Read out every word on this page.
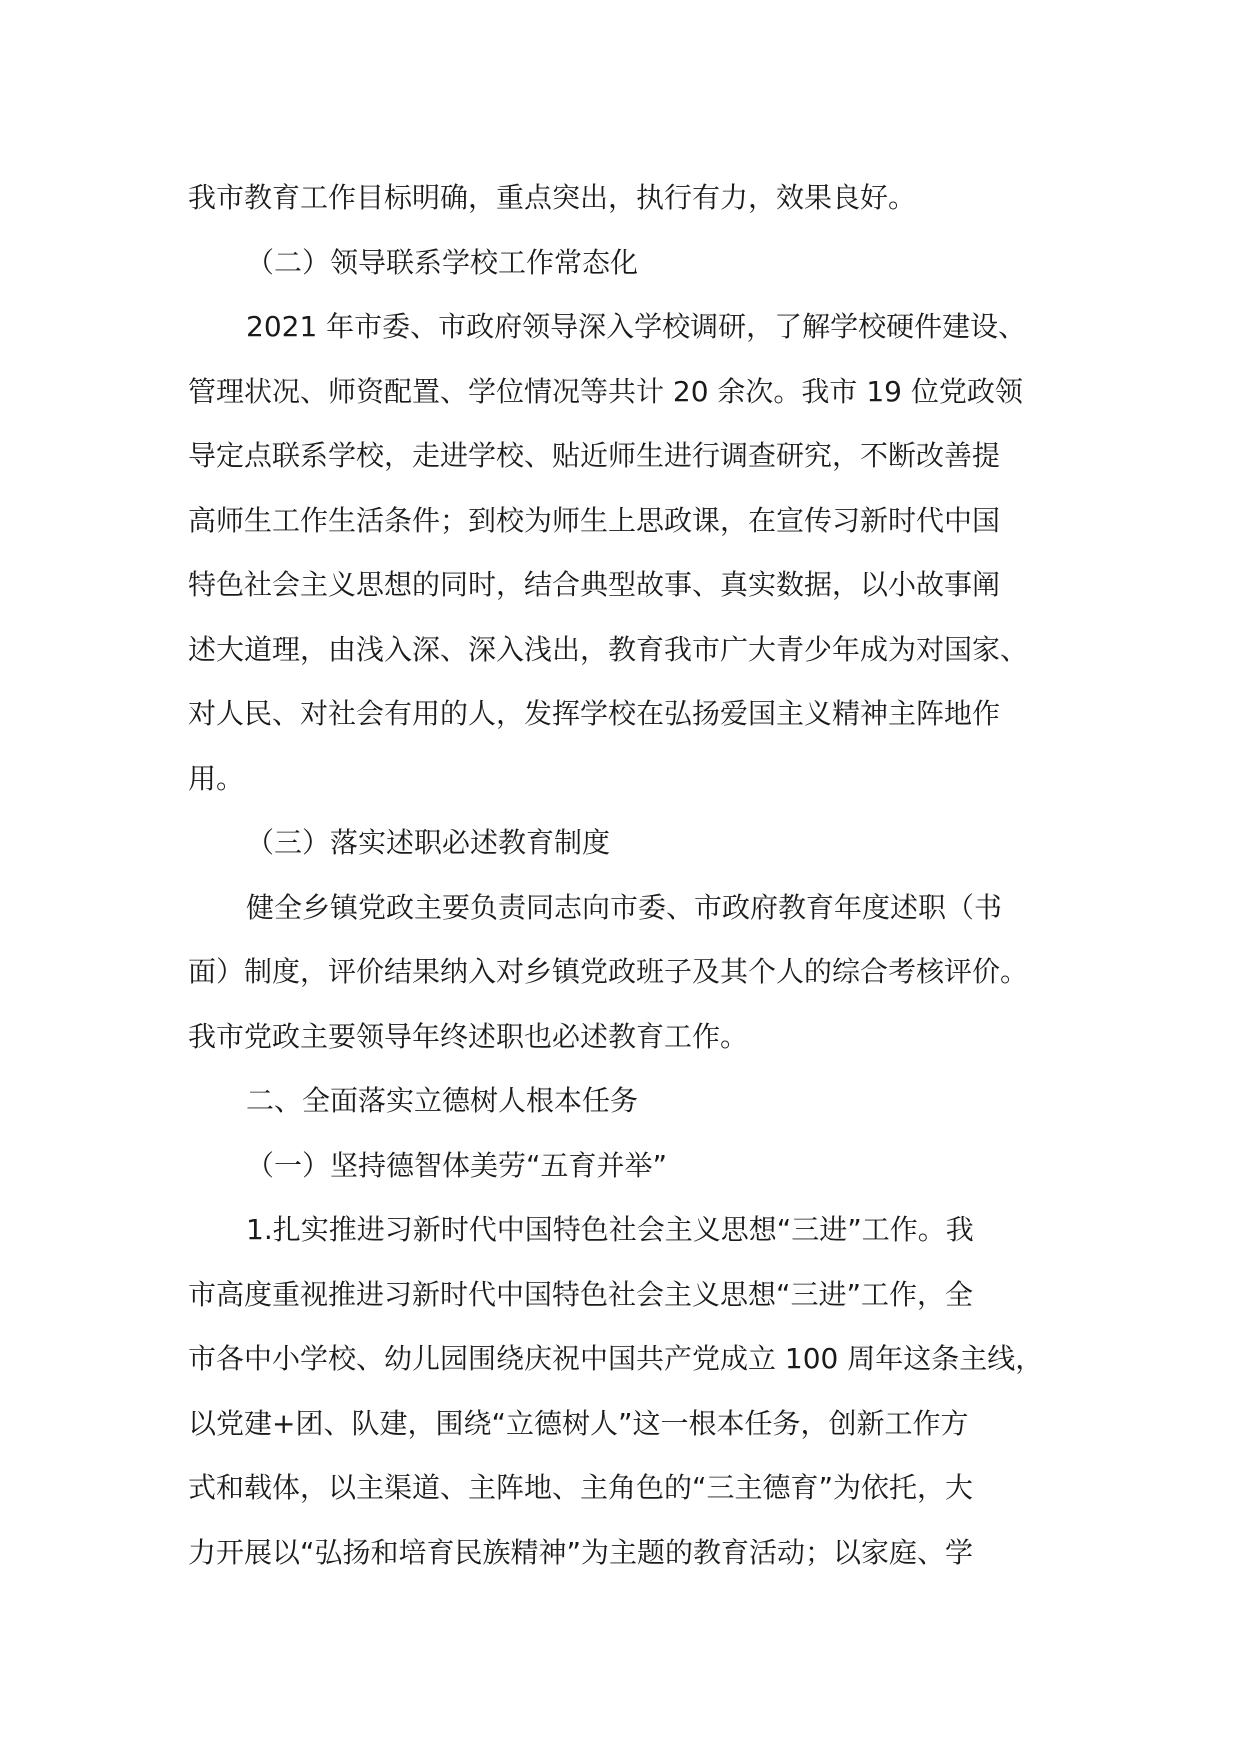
我市教育工作目标明确，重点突出，执行有力，效果良好。
（二）领导联系学校工作常态化
2021 年市委、市政府领导深入学校调研，了解学校硬件建设、
管理状况、师资配置、学位情况等共计 20 余次。我市 19 位党政领
导定点联系学校，走进学校、贴近师生进行调查研究，不断改善提
高师生工作生活条件；到校为师生上思政课，在宣传习新时代中国
特色社会主义思想的同时，结合典型故事、真实数据，以小故事阐
述大道理，由浅入深、深入浅出，教育我市广大青少年成为对国家、
对人民、对社会有用的人，发挥学校在弘扬爱国主义精神主阵地作
用。
（三）落实述职必述教育制度
健全乡镇党政主要负责同志向市委、市政府教育年度述职（书
面）制度，评价结果纳入对乡镇党政班子及其个人的综合考核评价。
我市党政主要领导年终述职也必述教育工作。
二、全面落实立德树人根本任务
（一）坚持德智体美劳“五育并举”
1.扎实推进习新时代中国特色社会主义思想“三进”工作。我
市高度重视推进习新时代中国特色社会主义思想“三进”工作，全
市各中小学校、幼儿园围绕庆祝中国共产党成立 100 周年这条主线，
以党建+团、队建，围绕“立德树人”这一根本任务，创新工作方
式和载体，以主渠道、主阵地、主角色的“三主德育”为依托，大
力开展以“弘扬和培育民族精神”为主题的教育活动；以家庭、学
